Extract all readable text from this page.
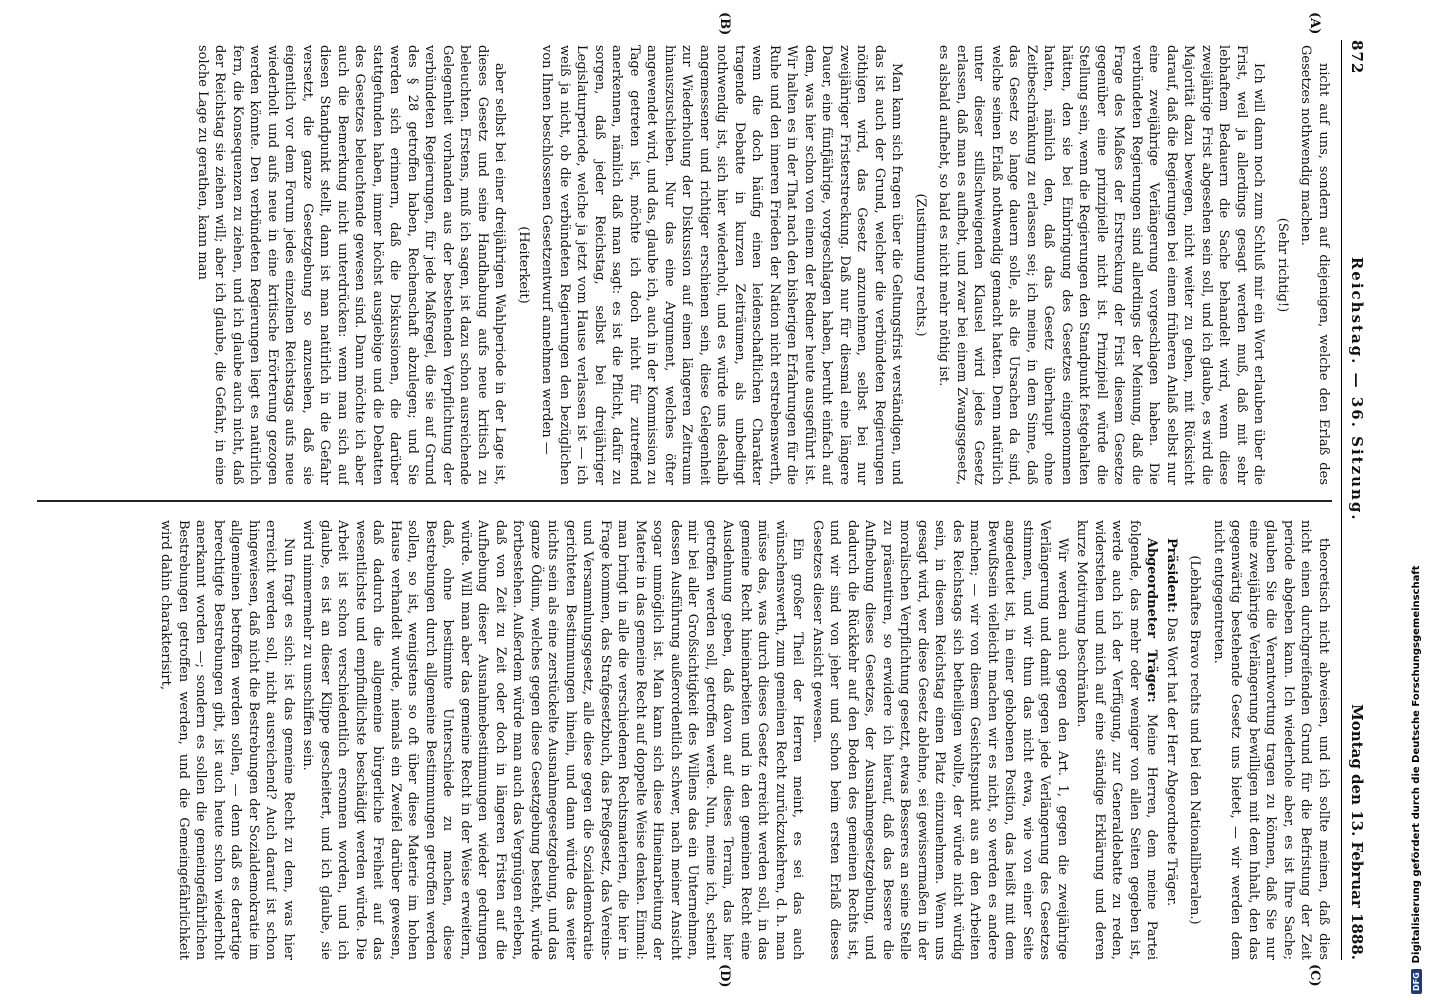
872
Reichstag. — 36. Sitzung.
Montag den 13. Februar 1888.
(A)
(B)
(C)
(D)

nicht auf uns, sondern auf diejenigen, welche den Erlaß des Gesetzes nothwendig machen.

(Sehr richtig!)

Ich will dann noch zum Schluß mir ein Wort erlauben über die Frist, weil ja allerdings gesagt werden muß, daß mit sehr lebhaftem Bedauern die Sache behandelt wird, wenn diese zweijährige Frist abgesehen sein soll, und ich glaube, es wird die Majorität dazu bewegen, nicht weiter zu gehen, mit Rücksicht darauf, daß die Regierungen bei einem früheren Anlaß selbst nur eine zweijährige Verlängerung vorgeschlagen haben. Die verbündeten Regierungen sind allerdings der Meinung, daß die Frage des Maßes der Erstreckung der Frist diesem Gesetze gegenüber eine prinzipielle nicht ist. Prinzipiell würde die Stellung sein, wenn die Regierungen den Standpunkt festgehalten hätten, den sie bei Einbringung des Gesetzes eingenommen hatten, nämlich den, daß das Gesetz überhaupt ohne Zeitbeschränkung zu erlassen sei; ich meine, in dem Sinne, daß das Gesetz so lange dauern solle, als die Ursachen da sind, welche seinen Erlaß nothwendig gemacht hatten. Denn natürlich unter dieser stillschweigenden Klausel wird jedes Gesetz erlassen, daß man es aufhebt, und zwar bei einem Zwangsgesetz, es alsbald aufhebt, so bald es nicht mehr nöthig ist.

(Zustimmung rechts.)

Man kann sich fragen über die Geltungsfrist verständigen, und das ist auch der Grund, welcher die verbündeten Regierungen nöthigen wird, das Gesetz anzunehmen, selbst bei nur zweijähriger Fristerstreckung. Daß nur für diesmal eine längere Dauer, eine fünfjährige, vorgeschlagen haben, beruht einfach auf dem, was hier schon von einem der Redner heute ausgeführt ist. Wir halten es in der That nach den bisherigen Erfahrungen für die Ruhe und den inneren Frieden der Nation nicht erstrebenswerth, wenn die doch häufig einen leidenschaftlichen Charakter tragende Debatte in kurzen Zeiträumen, als unbedingt nothwendig ist, sich hier wiederholt, und es würde uns deshalb angemessener und richtiger erschienen sein, diese Gelegenheit zur Wiederholung der Diskussion auf einen längeren Zeitraum hinauszuschieben. Nur das eine Argument, welches öfter angewendet wird, und das, glaube ich, auch in der Kommission zu Tage getreten ist, möchte ich doch nicht für zutreffend anerkennen, nämlich daß man sagt: es ist die Pflicht, dafür zu sorgen, daß jeder Reichstag, selbst bei dreijähriger Legislaturperiode, welche ja jetzt vom Hause verlassen ist — ich weiß ja nicht, ob die verbündeten Regierungen den bezüglichen von Ihnen beschlossenen Gesetzentwurf annehmen werden —

(Heiterkeit)

aber selbst bei einer dreijährigen Wahlperiode in der Lage ist, dieses Gesetz und seine Handhabung aufs neue kritisch zu beleuchten. Erstens, muß ich sagen, ist dazu schon ausreichende Gelegenheit vorhanden aus der bestehenden Verpflichtung der verbündeten Regierungen, für jede Maßregel, die sie auf Grund des § 28 getroffen haben, Rechenschaft abzulegen; und Sie werden sich erinnern, daß die Diskussionen, die darüber stattgefunden haben, immer höchst ausgiebige und die Debatten des Gesetzes beleuchtende gewesen sind. Dann möchte ich aber auch die Bemerkung nicht unterdrücken: wenn man sich auf diesen Standpunkt stellt, dann ist man natürlich in die Gefahr versetzt, die ganze Gesetzgebung so anzusehen, daß sie eigentlich vor dem Forum jedes einzelnen Reichstags aufs neue wiederholt und aufs neue in eine kritische Erörterung gezogen werden könnte. Den verbündeten Regierungen liegt es natürlich fern, die Konsequenzen zu ziehen, und ich glaube auch nicht, daß der Reichstag sie ziehen will; aber ich glaube, die Gefahr, in eine solche Lage zu gerathen, kann man

theoretisch nicht abweisen, und ich sollte meinen, daß dies nicht einen durchgreifenden Grund für die Befristung der Zeit periode abgeben kann. Ich wiederhole aber, es ist Ihre Sache; glauben Sie die Verantwortung tragen zu können, daß Sie nur eine zweijährige Verlängerung bewilligen mit dem Inhalt, den das gegenwärtig bestehende Gesetz uns bietet, — wir werden dem nicht entgegentreten.

(Lebhaftes Bravo rechts und bei den Nationalliberalen.)

Präsident: Das Wort hat der Herr Abgeordnete Träger.

Abgeordneter Träger: Meine Herren, dem meine Partei folgende, das mehr oder weniger von allen Seiten gegeben ist, werde auch ich der Verfügung, zur Generaldebatte zu reden, widerstehen und mich auf eine ständige Erklärung und deren kurze Motivirung beschränken.

Wir werden auch gegen den Art. 1, gegen die zweijährige Verlängerung und damit gegen jede Verlängerung des Gesetzes stimmen, und wir thun das nicht etwa, wie von einer Seite angedeutet ist, in einer gehobenen Position, das heißt mit dem Bewußtsein vielleicht machen wir es nicht, so werden es andere machen; — wir von diesem Gesichtspunkt aus an den Arbeiten des Reichstags sich betheiligen wollte, der würde nicht würdig sein, in diesem Reichstag einen Platz einzunehmen. Wenn uns gesagt wird, wer diese Gesetz ablehne, sei gewissermaßen in der moralischen Verpflichtung gesetzt, etwas Besseres an seine Stelle zu präsentiren, so erwidere ich hierauf, daß das Bessere die Aufhebung dieses Gesetzes, der Ausnahmegesetzgebung, und dadurch die Rückkehr auf den Boden des gemeinen Rechts ist, und wir sind von jeher und schon beim ersten Erlaß dieses Gesetzes dieser Ansicht gewesen.

Ein großer Theil der Herren meint, es sei das auch wünschenswerth, zum gemeinen Recht zurückzukehren, d. h. man müsse das, was durch dieses Gesetz erreicht werden soll, in das gemeine Recht hineinarbeiten und in den gemeinen Recht eine Ausdehnung geben, daß davon auf dieses Terrain, das hier getroffen werden soll, getroffen werde. Nun, meine ich, scheint mir bei aller Großsichtigkeit des Willens das ein Unternehmen, dessen Ausführung außerordentlich schwer, nach meiner Ansicht sogar unmöglich ist. Man kann sich diese Hineinarbeitung der Materie in das gemeine Recht auf doppelte Weise denken. Einmal: man bringt in alle die verschiedenen Rechtsmaterien, die hier in Frage kommen, das Strafgesetzbuch, das Preßgesetz, das Vereins- und Versammlungsgesetz, alle diese gegen die Sozialdemokratie gerichteten Bestimmungen hinein, und dann würde das weiter nichts sein als eine zerstückelte Ausnahmegesetzgebung, und das ganze Ödium, welches gegen diese Gesetzgebung besteht, würde fortbestehen. Außerdem würde man auch das Vergnügen erleben, daß von Zeit zu Zeit oder doch in längeren Fristen auf die Aufhebung dieser Ausnahmebestimmungen wieder gedrungen würde. Will man aber das gemeine Recht in der Weise erweitern, daß, ohne bestimmte Unterschiede zu machen, diese Bestrebungen durch allgemeine Bestimmungen getroffen werden sollen, so ist, wenigstens so oft über diese Materie im hohen Hause verhandelt wurde, niemals ein Zweifel darüber gewesen, daß dadurch die allgemeine bürgerliche Freiheit auf das wesentlichste und empfindlichste beschädigt werden würde. Die Arbeit ist schon verschiedentlich ersonnen worden, und ich glaube, es ist an dieser Klippe gescheitert, und ich glaube, sie wird nimmermehr zu umschiffen sein.

Nun fragt es sich: ist das gemeine Recht zu dem, was hier erreicht werden soll, nicht ausreichend? Auch darauf ist schon hingewiesen, daß nicht die Bestrebungen der Sozialdemokratie im allgemeinen betroffen werden sollen, — denn daß es derartige berechtigte Bestrebungen gibt, ist auch heute schon wiederholt anerkannt worden —; sondern es sollen die gemeingefährlichen Bestrebungen getroffen werden, und die Gemeingefährlichkeit wird dahin charakterisirt,

DFG
Digitalisierung gefördert durch die Deutsche Forschungsgemeinschaft
